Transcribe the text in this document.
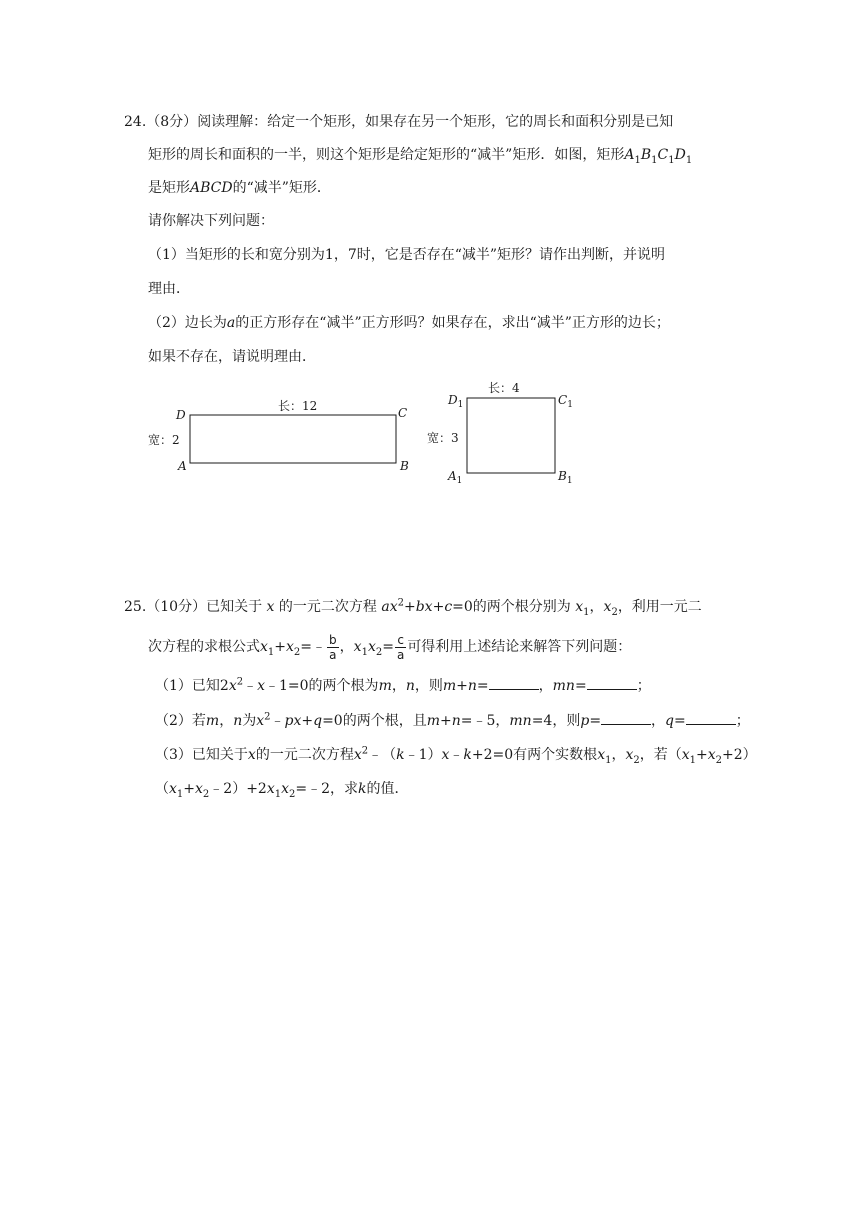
24.（8分）阅读理解：给定一个矩形，如果存在另一个矩形，它的周长和面积分别是已知
矩形的周长和面积的一半，则这个矩形是给定矩形的“减半”矩形．如图，矩形$A_1B_1C_1D_1$
是矩形ABCD的“减半”矩形．
请你解决下列问题：
（1）当矩形的长和宽分别为1，7时，它是否存在“减半”矩形？请作出判断，并说明
理由．
（2）边长为a的正方形存在“减半”正方形吗？如果存在，求出“减半”正方形的边长；
如果不存在，请说明理由．
长：12
D	C
A	B
宽：2
长：4
$D_1$	$C_1$
$A_1$	$B_1$
宽：3
25.（10分）已知关于 x 的一元二次方程 $ax^2+bx+c=0$的两个根分别为 $x_1$，$x_2$，利用一元二
次方程的求根公式$x_1+x_2=﹣ \frac{b}{a}$ ，$x_1x_2= \frac{c}{a}$ 可得利用上述结论来解答下列问题：
（1）已知$2x^2﹣x﹣1=0$的两个根为m，n，则m+n=	，mn=	；
（2）若m，n为$x^2﹣px+q=0$的两个根，且m+n=﹣5，mn=4，则p=	，q=	；
（3）已知关于x的一元二次方程$x^2﹣(k﹣1)x﹣k+2=0$有两个实数根$x_1$，$x_2$，若$(x_1+x_2+2)$
$(x_1+x_2﹣2)+2x_1x_2=﹣2$，求k的值．
